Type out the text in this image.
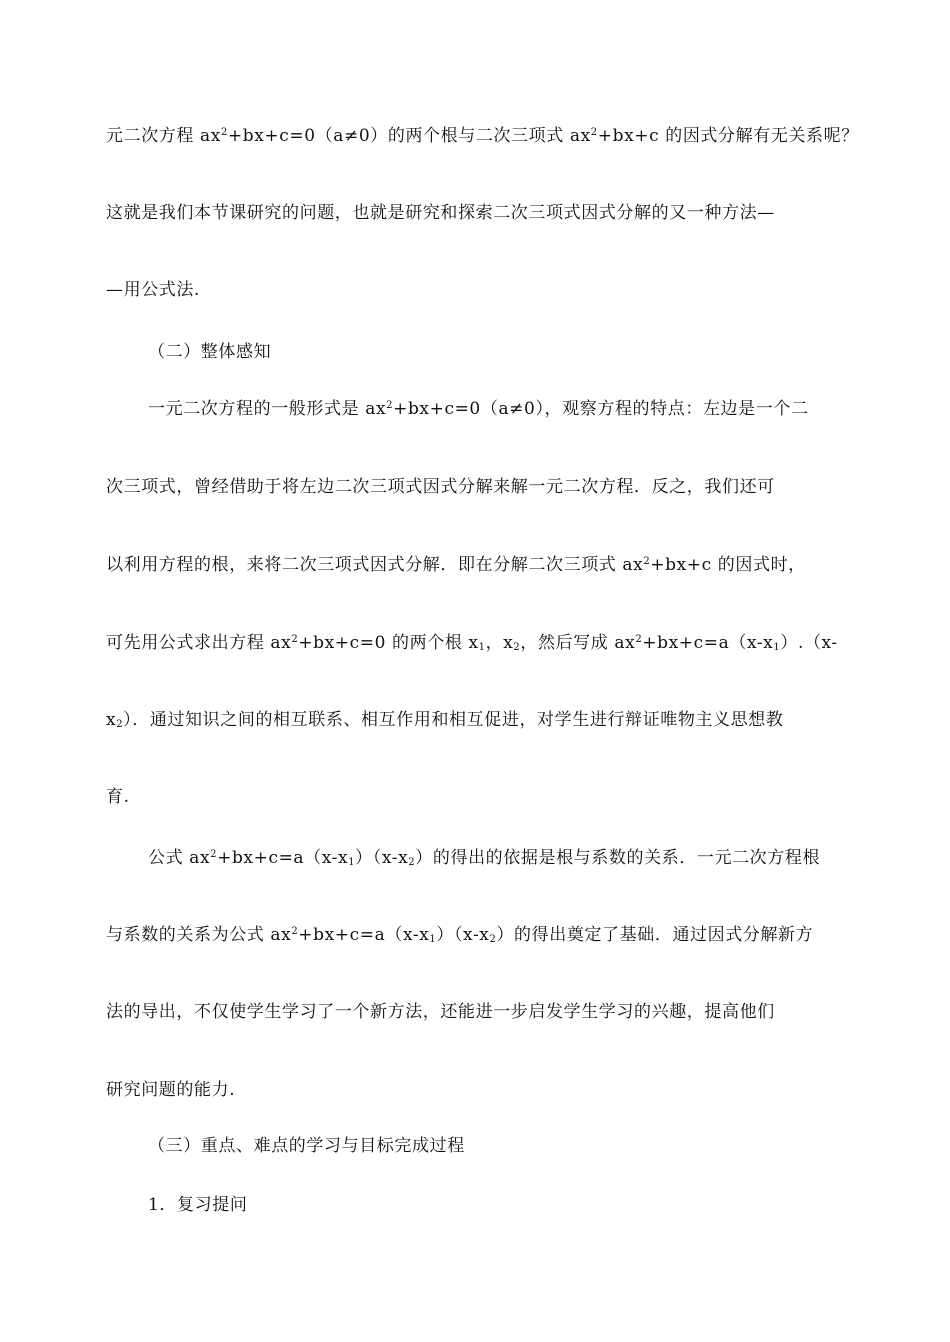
元二次方程 $ax^2+bx+c=0(a\ne 0)$的两个根与二次三项式 $ax^2+bx+c$ 的因式分解有无关系呢？
这就是我们本节课研究的问题，也就是研究和探索二次三项式因式分解的又一种方法—
—用公式法.
（二）整体感知
一元二次方程的一般形式是 $ax^2+bx+c=0(a\ne 0)$，观察方程的特点：左边是一个二
次三项式，曾经借助于将左边二次三项式因式分解来解一元二次方程．反之，我们还可
以利用方程的根，来将二次三项式因式分解．即在分解二次三项式 $ax^2+bx+c$ 的因式时，
可先用公式求出方程 $ax^2+bx+c=0$ 的两个根 $x_1$，$x_2$，然后写成 $ax^2+bx+c=a(x-x_1).(x-$
$x_2$）．通过知识之间的相互联系、相互作用和相互促进，对学生进行辩证唯物主义思想教
育.
公式 $ax^2+bx+c=a(x-x_1)(x-x_2)$的得出的依据是根与系数的关系．一元二次方程根
与系数的关系为公式 $ax^2+bx+c=a(x-x_1)(x-x_2)$的得出奠定了基础．通过因式分解新方
法的导出，不仅使学生学习了一个新方法，还能进一步启发学生学习的兴趣，提高他们
研究问题的能力.
（三）重点、难点的学习与目标完成过程
1．复习提问
